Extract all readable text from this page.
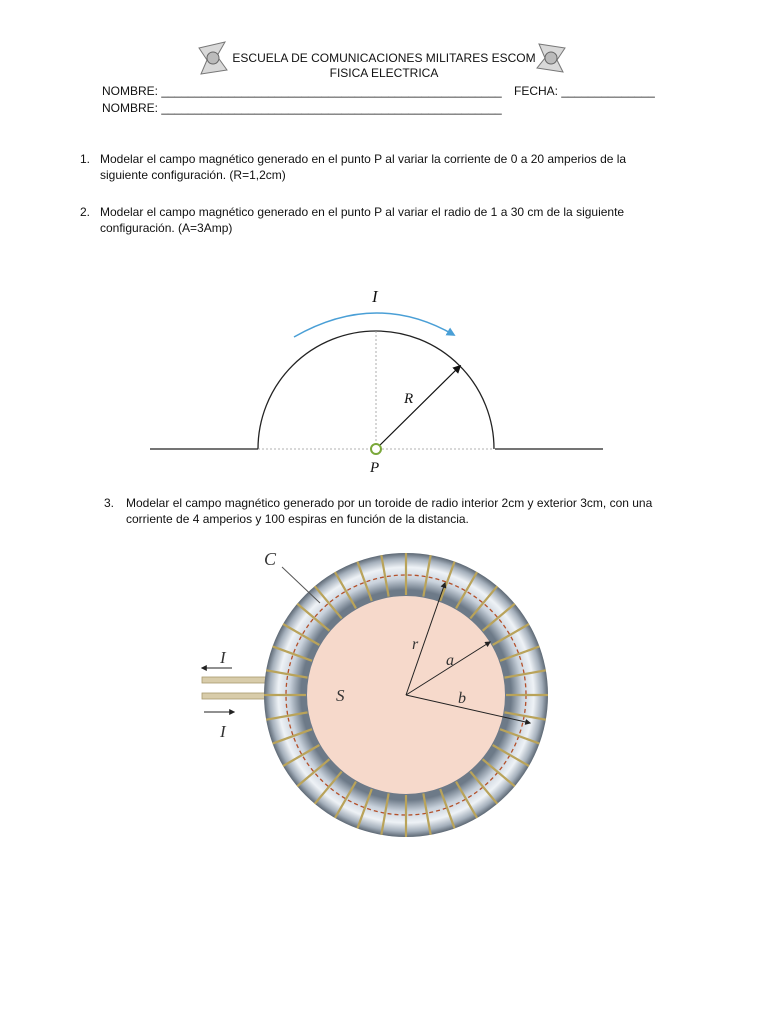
ESCUELA DE COMUNICACIONES MILITARES ESCOM
FISICA ELECTRICA
NOMBRE: ___________________________________________________ FECHA: ______________
NOMBRE: ___________________________________________________
1. Modelar el campo magnético generado en el punto P al variar la corriente de 0 a 20 amperios de la siguiente configuración. (R=1,2cm)
2. Modelar el campo magnético generado en el punto P al variar el radio de 1 a 30 cm de la siguiente configuración. (A=3Amp)
I
R
P
3. Modelar el campo magnético generado por un toroide de radio interior 2cm y exterior 3cm, con una corriente de 4 amperios y 100 espiras en función de la distancia.
C
S
r
a
b
I
I
